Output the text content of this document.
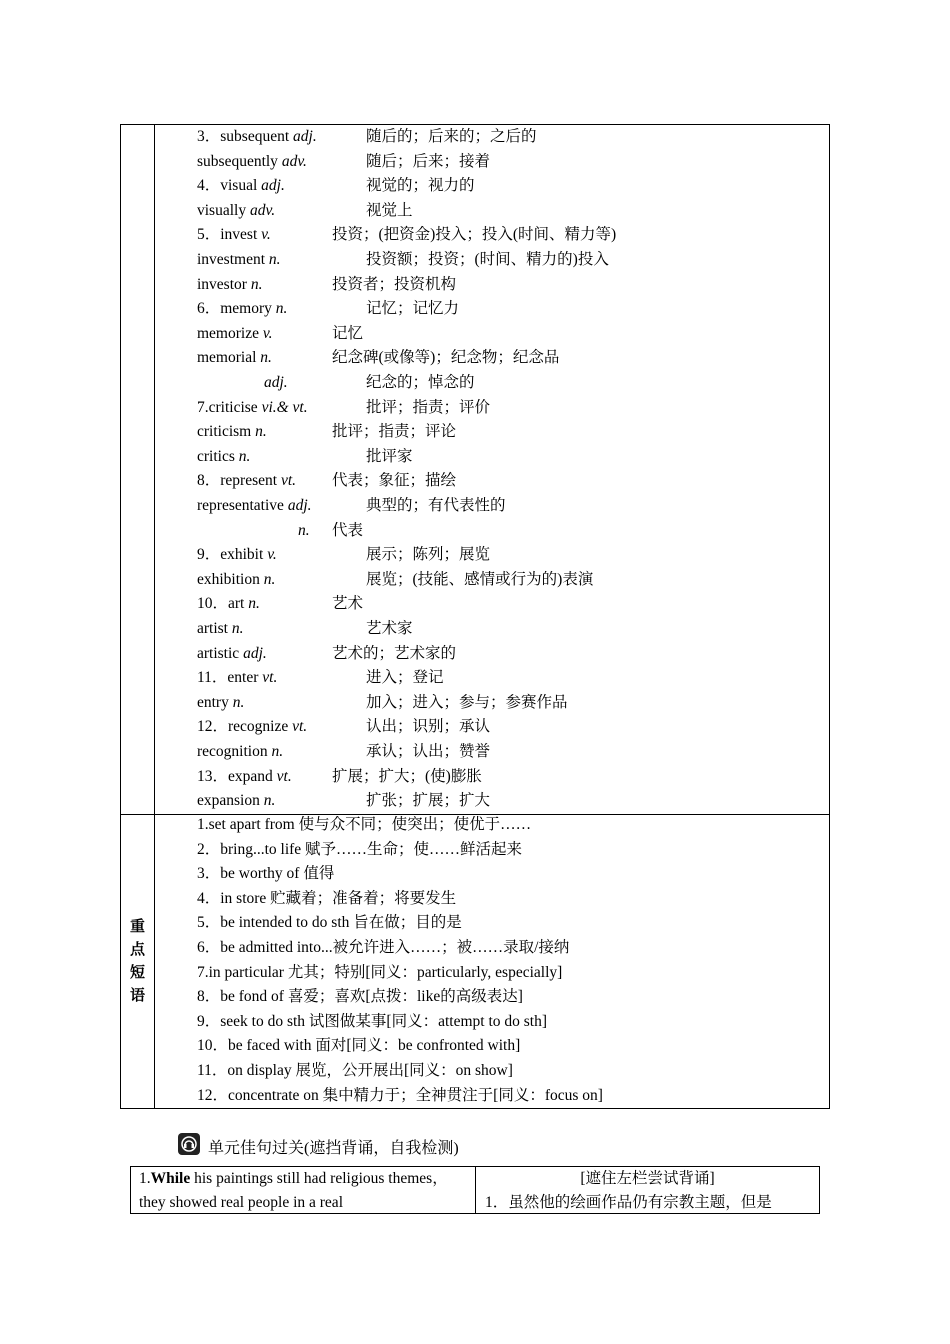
3．subsequent adj.	随后的；后来的；之后的
subsequently adv.	随后；后来；接着
4．visual adj.	视觉的；视力的
visually adv.	视觉上
5．invest v.	投资；(把资金)投入；投入(时间、精力等)
investment n.	投资额；投资；(时间、精力的)投入
investor n.	投资者；投资机构
6．memory n.	记忆；记忆力
memorize v.	记忆
memorial n.	纪念碑(或像等)；纪念物；纪念品
adj.	纪念的；悼念的
7.criticise vi.& vt.	批评；指责；评价
criticism n.	批评；指责；评论
critics n.	批评家
8．represent vt. 代表；象征；描绘
representative adj.	典型的；有代表性的
n. 代表
9．exhibit v.	展示；陈列；展览
exhibition n.	展览；(技能、感情或行为的)表演
10．art n.	艺术
artist n.	艺术家
artistic adj.	艺术的；艺术家的
11．enter vt.	进入；登记
entry n.	加入；进入；参与；参赛作品
12．recognize vt.	认出；识别；承认
recognition n.	承认；认出；赞誉
13．expand vt.	扩展；扩大；(使)膨胀
expansion n.	扩张；扩展；扩大
重
点
短
语
1.set apart from 使与众不同；使突出；使优于……
2．bring...to life 赋予……生命；使……鲜活起来
3．be worthy of 值得
4．in store 贮藏着；准备着；将要发生
5．be intended to do sth 旨在做；目的是
6．be admitted into...被允许进入……；被……录取/接纳
7.in particular 尤其；特别[同义：particularly, especially]
8．be fond of 喜爱；喜欢[点拨：like的高级表达]
9．seek to do sth 试图做某事[同义：attempt to do sth]
10．be faced with 面对[同义：be confronted with]
11．on display 展览，公开展出[同义：on show]
12．concentrate on 集中精力于；全神贯注于[同义：focus on]
单元佳句过关(遮挡背诵，自我检测)
1.While his paintings still had religious themes，they showed real people in a real
[遮住左栏尝试背诵]
1．虽然他的绘画作品仍有宗教主题，但是
